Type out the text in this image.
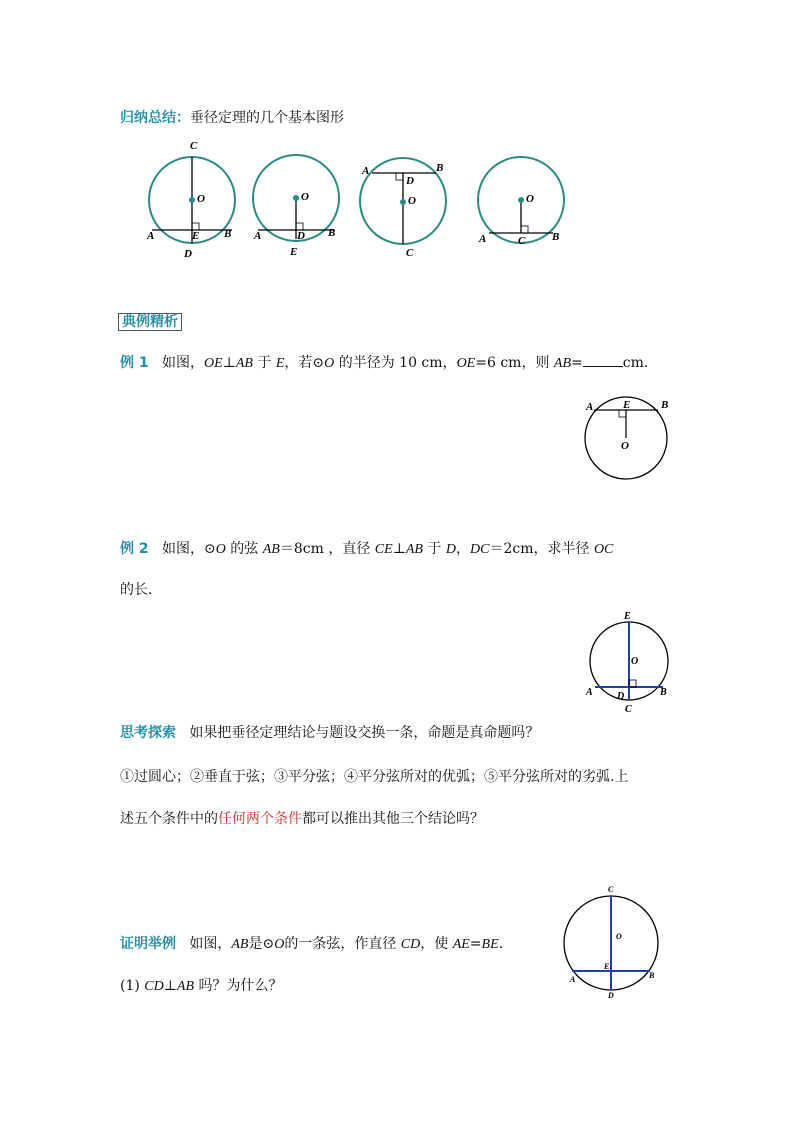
归纳总结：垂径定理的几个基本图形
C
O
A	E B
D
O
A	D B
E
A	B
D
O
C
O
A	C B
典例精析
例 1 如图，OE⊥AB 于 E，若⊙O 的半径为 10 cm，OE=6 cm，则 AB=	cm.
A	E	B
O
例 2 如图，⊙O 的弦 AB＝8cm ，直径 CE⊥AB 于 D，DC＝2cm，求半径 OC
的长.
E
O
A D	B
C
思考探索 如果把垂径定理结论与题设交换一条，命题是真命题吗？
①过圆心；②垂直于弦；③平分弦；④平分弦所对的优弧；⑤平分弦所对的劣弧.上
述五个条件中的任何两个条件都可以推出其他三个结论吗？
证明举例 如图，AB是⊙O的一条弦，作直径 CD，使 AE=BE.
(1) CD⊥AB 吗？为什么？
C
O
E
A	B
D
